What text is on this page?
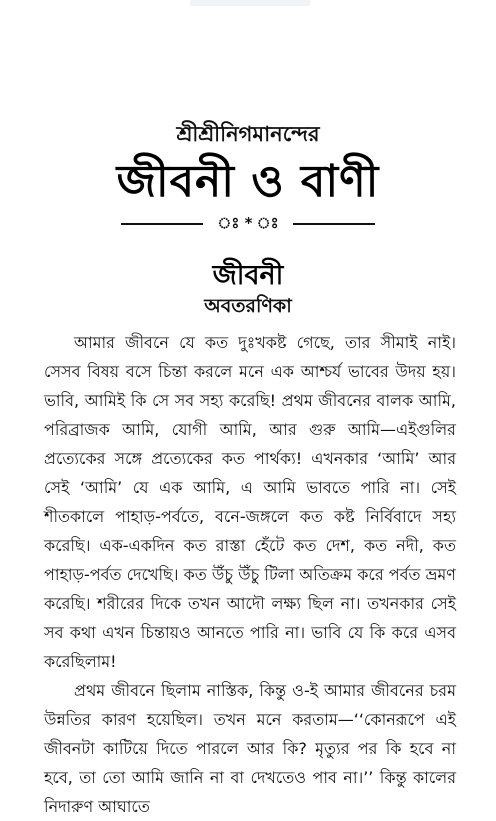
শ্রীশ্রীনিগমানন্দের
জীবনী ও বাণী
ঃ * ঃ
জীবনী
অবতরণিকা

আমার জীবনে যে কত দুঃখকষ্ট গেছে, তার সীমাই নাই। সেসব বিষয় বসে চিন্তা করলে মনে এক আশ্চর্য ভাবের উদয় হয়। ভাবি, আমিই কি সে সব সহ্য করেছি! প্রথম জীবনের বালক আমি, পরিব্রাজক আমি, যোগী আমি, আর গুরু আমি—এইগুলির প্রত্যেকের সঙ্গে প্রত্যেকের কত পার্থক্য! এখনকার ‘আমি’ আর সেই ‘আমি’ যে এক আমি, এ আমি ভাবতে পারি না। সেই শীতকালে পাহাড়-পর্বতে, বনে-জঙ্গলে কত কষ্ট নির্বিবাদে সহ্য করেছি। এক-একদিন কত রাস্তা হেঁটে কত দেশ, কত নদী, কত পাহাড়-পর্বত দেখেছি। কত উঁচু উঁচু টিলা অতিক্রম করে পর্বত ভ্রমণ করেছি। শরীরের দিকে তখন আদৌ লক্ষ্য ছিল না। তখনকার সেই সব কথা এখন চিন্তায়ও আনতে পারি না। ভাবি যে কি করে এসব করেছিলাম!

প্রথম জীবনে ছিলাম নাস্তিক, কিন্তু ও-ই আমার জীবনের চরম উন্নতির কারণ হয়েছিল। তখন মনে করতাম—‘‘কোনরূপে এই জীবনটা কাটিয়ে দিতে পারলে আর কি? মৃত্যুর পর কি হবে না হবে, তা তো আমি জানি না বা দেখতেও পাব না।’’ কিন্তু কালের নিদারুণ আঘাতে
